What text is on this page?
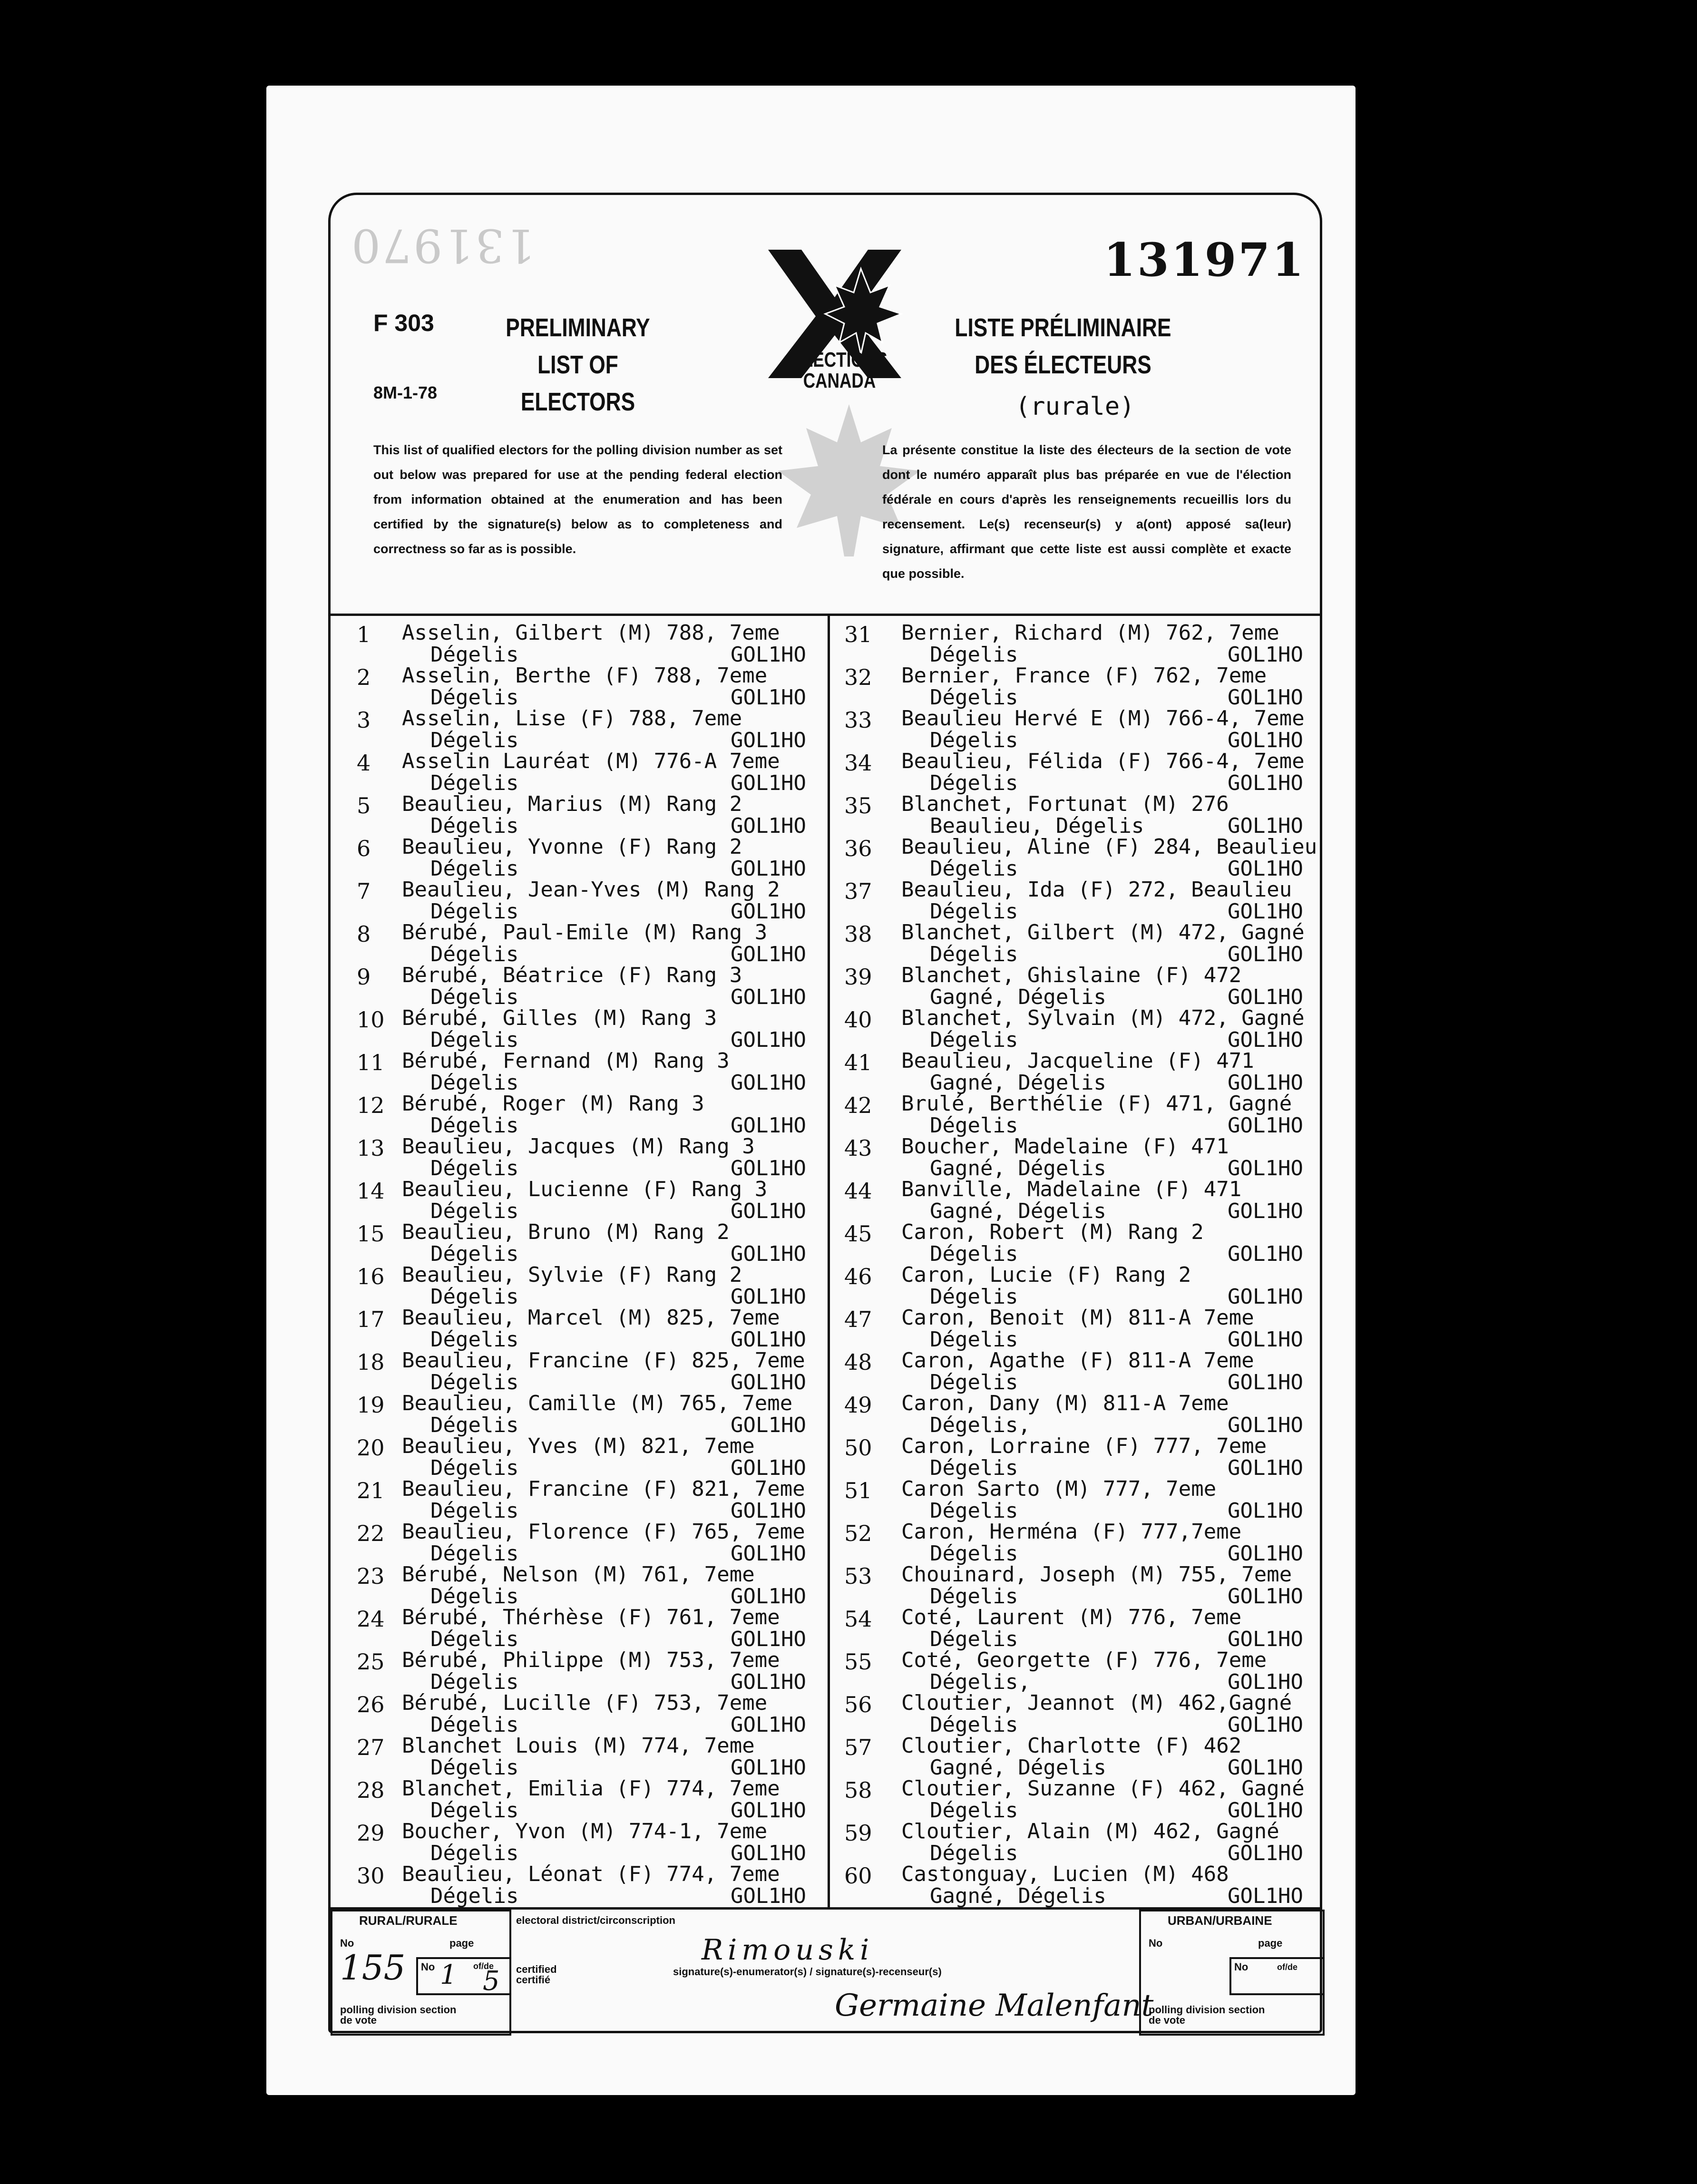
131970	131971
F 303
8M-1-78
PRELIMINARY LIST OF ELECTORS
LISTE PRÉLIMINAIRE DES ÉLECTEURS
(rurale)
ELECTIONS CANADA
This list of qualified electors for the polling division number as set out below was prepared for use at the pending federal election from information obtained at the enumeration and has been certified by the signature(s) below as to completeness and correctness so far as is possible.
La présente constitue la liste des électeurs de la section de vote dont le numéro apparaît plus bas préparée en vue de l'élection fédérale en cours d'après les renseignements recueillis lors du recensement. Le(s) recenseur(s) y a(ont) apposé sa(leur) signature, affirmant que cette liste est aussi complète et exacte que possible.
1	Asselin, Gilbert (M) 788, 7eme
Dégelis	GOL1HO
2	Asselin, Berthe (F) 788, 7eme
Dégelis	GOL1HO
3	Asselin, Lise (F) 788, 7eme
Dégelis	GOL1HO
4	Asselin Lauréat (M) 776-A 7eme
Dégelis	GOL1HO
5	Beaulieu, Marius (M) Rang 2
Dégelis	GOL1HO
6	Beaulieu, Yvonne (F) Rang 2
Dégelis	GOL1HO
7	Beaulieu, Jean-Yves (M) Rang 2
Dégelis	GOL1HO
8	Bérubé, Paul-Emile (M) Rang 3
Dégelis	GOL1HO
9	Bérubé, Béatrice (F) Rang 3
Dégelis	GOL1HO
10 Bérubé, Gilles (M) Rang 3
Dégelis	GOL1HO
11 Bérubé, Fernand (M) Rang 3
Dégelis	GOL1HO
12 Bérubé, Roger (M) Rang 3
Dégelis	GOL1HO
13 Beaulieu, Jacques (M) Rang 3
Dégelis	GOL1HO
14 Beaulieu, Lucienne (F) Rang 3
Dégelis	GOL1HO
15 Beaulieu, Bruno (M) Rang 2
Dégelis	GOL1HO
16 Beaulieu, Sylvie (F) Rang 2
Dégelis	GOL1HO
17 Beaulieu, Marcel (M) 825, 7eme
Dégelis	GOL1HO
18 Beaulieu, Francine (F) 825, 7eme
Dégelis	GOL1HO
19 Beaulieu, Camille (M) 765, 7eme
Dégelis	GOL1HO
20 Beaulieu, Yves (M) 821, 7eme
Dégelis	GOL1HO
21 Beaulieu, Francine (F) 821, 7eme
Dégelis	GOL1HO
22 Beaulieu, Florence (F) 765, 7eme
Dégelis	GOL1HO
23 Bérubé, Nelson (M) 761, 7eme
Dégelis	GOL1HO
24 Bérubé, Thérhèse (F) 761, 7eme
Dégelis	GOL1HO
25 Bérubé, Philippe (M) 753, 7eme
Dégelis	GOL1HO
26 Bérubé, Lucille (F) 753, 7eme
Dégelis	GOL1HO
27 Blanchet Louis (M) 774, 7eme
Dégelis	GOL1HO
28 Blanchet, Emilia (F) 774, 7eme
Dégelis	GOL1HO
29 Boucher, Yvon (M) 774-1, 7eme
Dégelis	GOL1HO
30 Beaulieu, Léonat (F) 774, 7eme
Dégelis	GOL1HO
31	Bernier, Richard (M) 762, 7eme
Dégelis	GOL1HO
32	Bernier, France (F) 762, 7eme
Dégelis	GOL1HO
33	Beaulieu Hervé E (M) 766-4, 7eme
Dégelis	GOL1HO
34	Beaulieu, Félida (F) 766-4, 7eme
Dégelis	GOL1HO
35	Blanchet, Fortunat (M) 276
Beaulieu, Dégelis	GOL1HO
36	Beaulieu, Aline (F) 284, Beaulieu
Dégelis	GOL1HO
37	Beaulieu, Ida (F) 272, Beaulieu
Dégelis	GOL1HO
38	Blanchet, Gilbert (M) 472, Gagné
Dégelis	GOL1HO
39	Blanchet, Ghislaine (F) 472
Gagné, Dégelis	GOL1HO
40	Blanchet, Sylvain (M) 472, Gagné
Dégelis	GOL1HO
41	Beaulieu, Jacqueline (F) 471
Gagné, Dégelis	GOL1HO
42	Brulé, Berthélie (F) 471, Gagné
Dégelis	GOL1HO
43	Boucher, Madelaine (F) 471
Gagné, Dégelis	GOL1HO
44	Banville, Madelaine (F) 471
Gagné, Dégelis	GOL1HO
45	Caron, Robert (M) Rang 2
Dégelis	GOL1HO
46	Caron, Lucie (F) Rang 2
Dégelis	GOL1HO
47	Caron, Benoit (M) 811-A 7eme
Dégelis	GOL1HO
48	Caron, Agathe (F) 811-A 7eme
Dégelis	GOL1HO
49	Caron, Dany (M) 811-A 7eme
Dégelis,	GOL1HO
50	Caron, Lorraine (F) 777, 7eme
Dégelis	GOL1HO
51	Caron Sarto (M) 777, 7eme
Dégelis	GOL1HO
52	Caron, Herména (F) 777,7eme
Dégelis	GOL1HO
53	Chouinard, Joseph (M) 755, 7eme
Dégelis	GOL1HO
54	Coté, Laurent (M) 776, 7eme
Dégelis	GOL1HO
55	Coté, Georgette (F) 776, 7eme
Dégelis,	GOL1HO
56	Cloutier, Jeannot (M) 462,Gagné
Dégelis	GOL1HO
57	Cloutier, Charlotte (F) 462
Gagné, Dégelis	GOL1HO
58	Cloutier, Suzanne (F) 462, Gagné
Dégelis	GOL1HO
59	Cloutier, Alain (M) 462, Gagné
Dégelis	GOL1HO
60	Castonguay, Lucien (M) 468
Gagné, Dégelis	GOL1HO
RURAL/RURALE
No	page
155 No 1 of/de
5
polling division section de vote
electoral district/circonscription
Rimouski
certified certifié
signature(s)-enumerator(s) / signature(s)-recenseur(s)
Germaine Malenfant
URBAN/URBAINE
No	page
No	of/de
polling division section de vote
